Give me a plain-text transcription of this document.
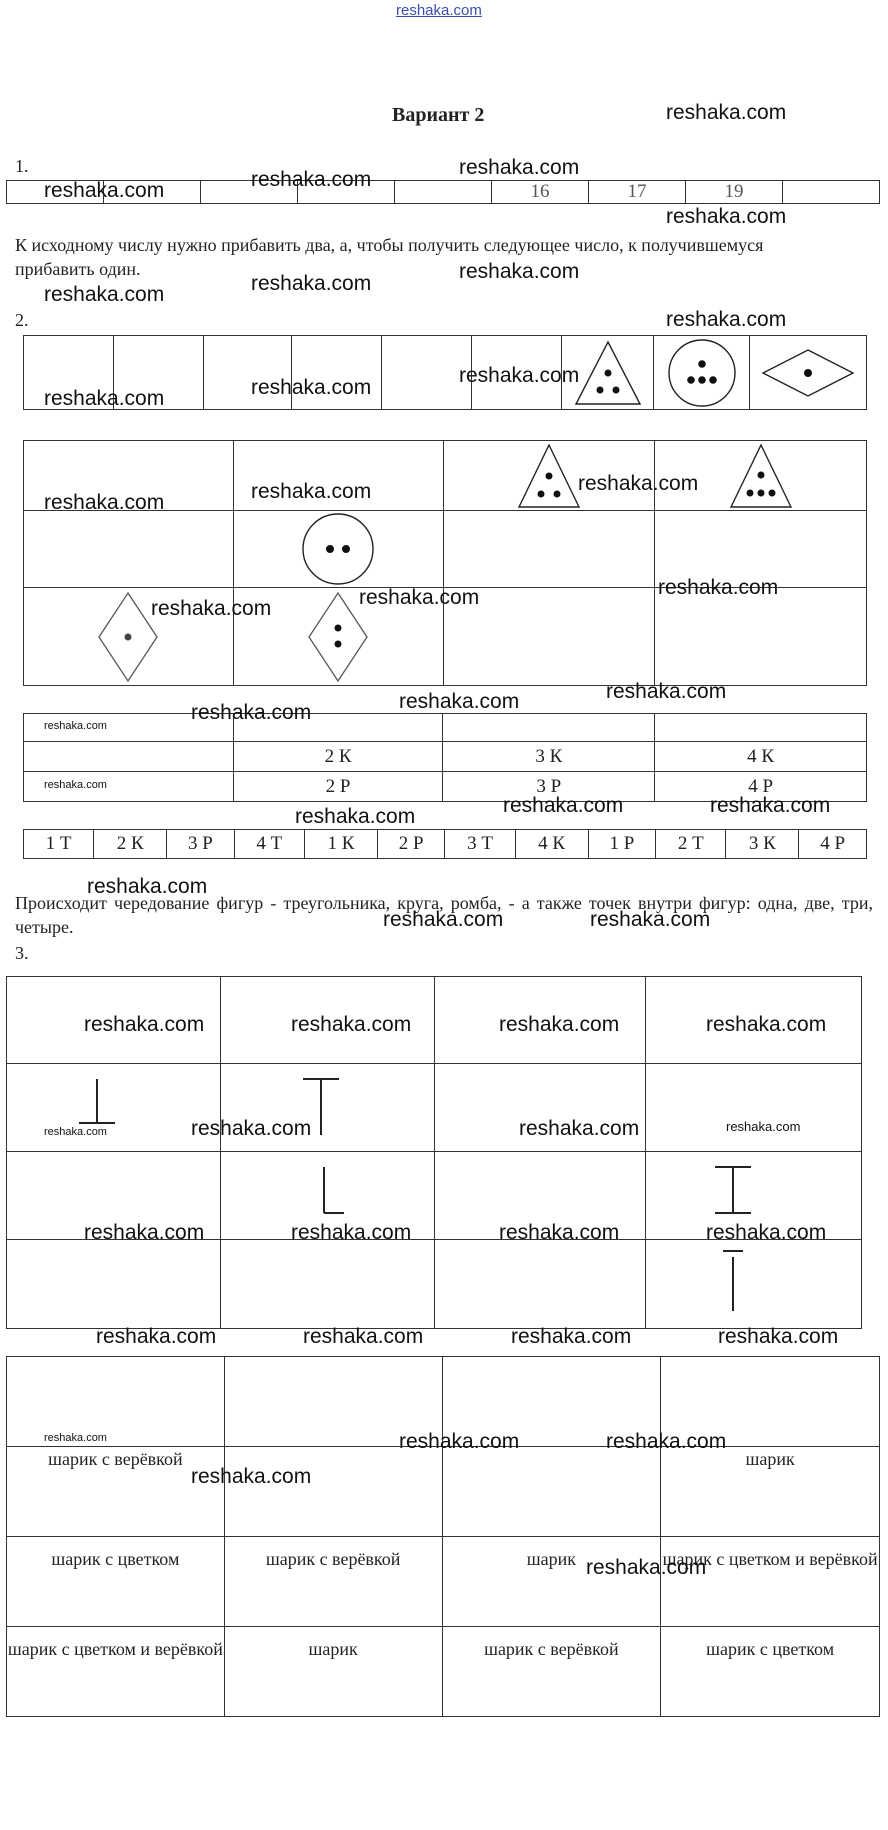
reshaka.com
Вариант 2
1.
					16	17	19	
К исходному числу нужно прибавить два, а, чтобы получить следующее число, к получившемуся прибавить один.
2.

	2 К	3 К	4 К
	2 Р	3 Р	4 Р
1 Т	2 К	3 Р	4 Т	1 К	2 Р	3 Т	4 К	1 Р	2 Т	3 К	4 Р
Происходит чередование фигур - треугольника, круга, ромба, - а также точек внутри фигур: одна, две, три, четыре.
3.

шарик с верёвкой			шарик

шарик с цветком	шарик с верёвкой	шарик	шарик с цветком и верёвкой

шарик с цветком и верёвкой	шарик	шарик с верёвкой	шарик с цветком
reshaka.com
reshaka.com
reshaka.com
reshaka.com
reshaka.com
reshaka.com
reshaka.com
reshaka.com
reshaka.com
reshaka.com
reshaka.com
reshaka.com
reshaka.com
reshaka.com
reshaka.com
reshaka.com
reshaka.com
reshaka.com
reshaka.com
reshaka.com
reshaka.com
reshaka.com
reshaka.com
reshaka.com
reshaka.com
reshaka.com
reshaka.com
reshaka.com
reshaka.com
reshaka.com
reshaka.com
reshaka.com
reshaka.com
reshaka.com
reshaka.com
reshaka.com
reshaka.com
reshaka.com
reshaka.com
reshaka.com
reshaka.com
reshaka.com
reshaka.com
reshaka.com
reshaka.com
reshaka.com
reshaka.com
reshaka.com	reshaka.com
reshaka.com
